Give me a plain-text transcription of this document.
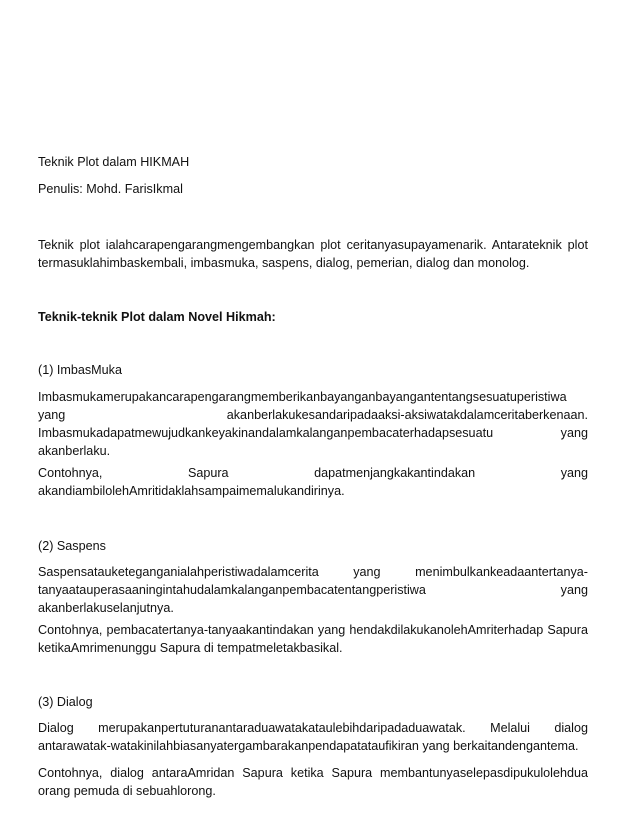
Teknik Plot dalam HIKMAH

Penulis: Mohd. FarisIkmal

Teknik plot ialahcarapengarangmengembangkan plot ceritanyasupayamenarik. Antarateknik plot termasuklahimbaskembali, imbasmuka, saspens, dialog, pemerian, dialog dan monolog.

Teknik-teknik Plot dalam Novel Hikmah:

(1) ImbasMuka

Imbasmukamerupakancarapengarangmemberikanbayanganbayangantentangsesuatuperistiwa
yang akanberlakukesandaripadaaksi-aksiwatakdalamceritaberkenaan.
Imbasmukadapatmewujudkankeyakinandalamkalanganpembacaterhadapsesuatu yang
akanberlaku.
Contohnya, Sapura dapatmenjangkakantindakan yang
akandiambilolehAmritidaklahsampaimemalukandirinya.

(2) Saspens

Saspensatauketeganganialahperistiwadalamcerita yang menimbulkankeadaantertanya-
tanyaatauperasaaningintahudalamkalanganpembacatentangperistiwa yang
akanberlakuselanjutnya.
Contohnya, pembacatertanya-tanyaakantindakan yang hendakdilakukanolehAmriterhadap Sapura
ketikaAmrimenunggu Sapura di tempatmeletakbasikal.

(3) Dialog

Dialog merupakanpertuturanantaraduawatakataulebihdaripadaduawatak. Melalui dialog
antarawatak-watakinilahbiasanyatergambarakanpendapatataufikiran yang berkaitandengantema.
Contohnya, dialog antaraAmridan Sapura ketika Sapura membantunyaselepasdipukulolehdua
orang pemuda di sebuahlorong.
